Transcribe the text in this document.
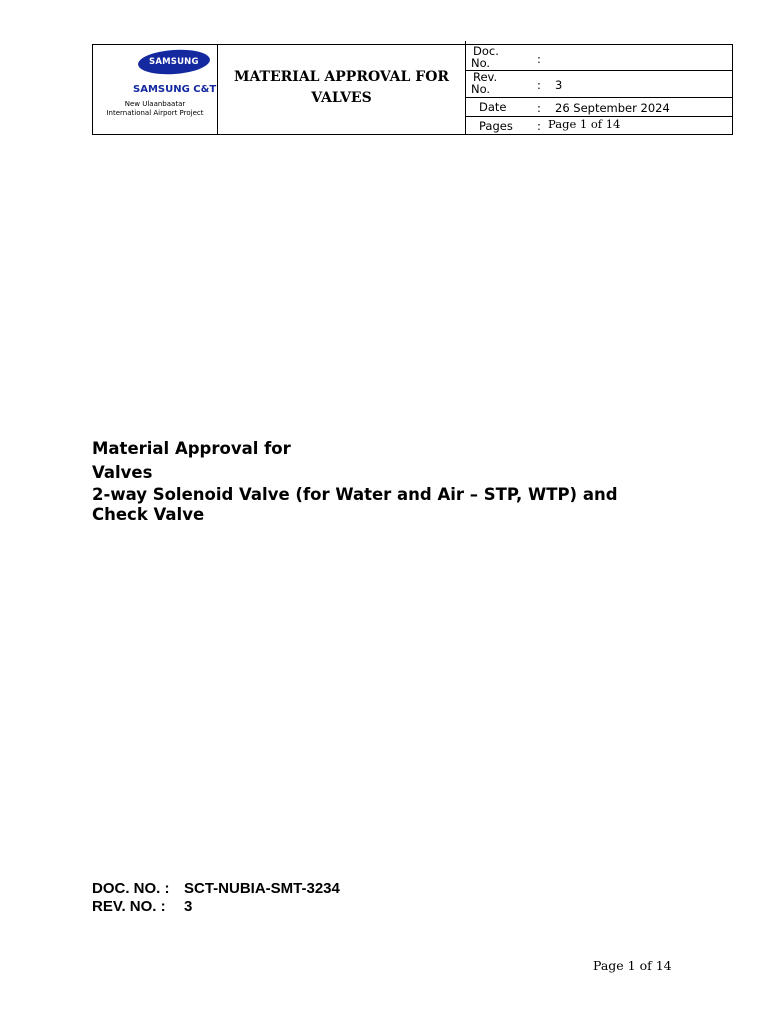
SAMSUNG
SAMSUNG C&T
New Ulaanbaatar
International Airport Project
MATERIAL APPROVAL FOR
VALVES
Doc.
No.	:
Rev.
No.	: 3
Date	: 26 September 2024
Pages : Page 1 of 14
Material Approval for
Valves
2-way Solenoid Valve (for Water and Air – STP, WTP) and Check Valve
DOC. NO. : SCT-NUBIA-SMT-3234
REV. NO. :	3
Page 1 of 14
